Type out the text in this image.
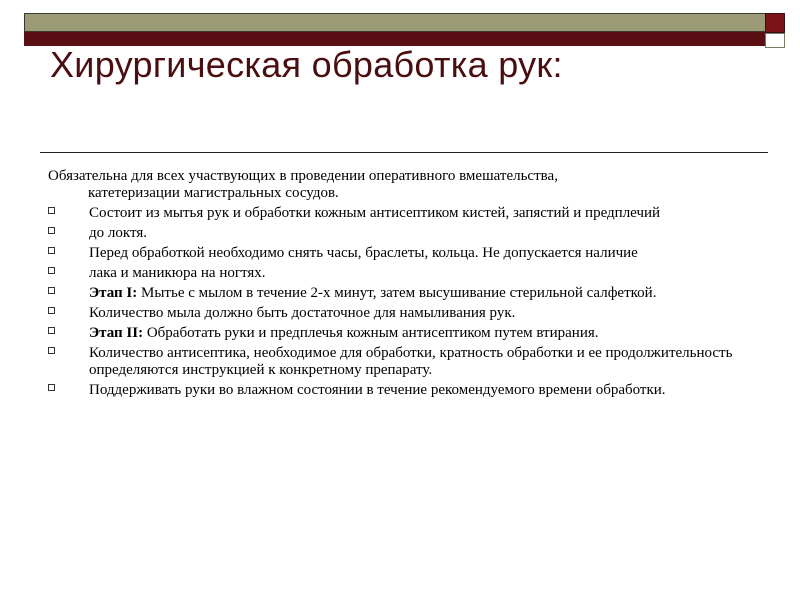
Хирургическая обработка рук:
Обязательна для всех участвующих в проведении оперативного вмешательства,
катетеризации магистральных сосудов.
Состоит из мытья рук и обработки кожным антисептиком кистей, запястий и предплечий
до локтя.
Перед обработкой необходимо снять часы, браслеты, кольца. Не допускается наличие
лака и маникюра на ногтях.
Этап I: Мытье с мылом в течение 2-х минут, затем высушивание стерильной салфеткой.
Количество мыла должно быть достаточное для намыливания рук.
Этап II: Обработать руки и предплечья кожным антисептиком путем втирания.
Количество антисептика, необходимое для обработки, кратность обработки и ее продолжительность определяются инструкцией к конкретному препарату.
Поддерживать руки во влажном состоянии в течение рекомендуемого времени обработки.
